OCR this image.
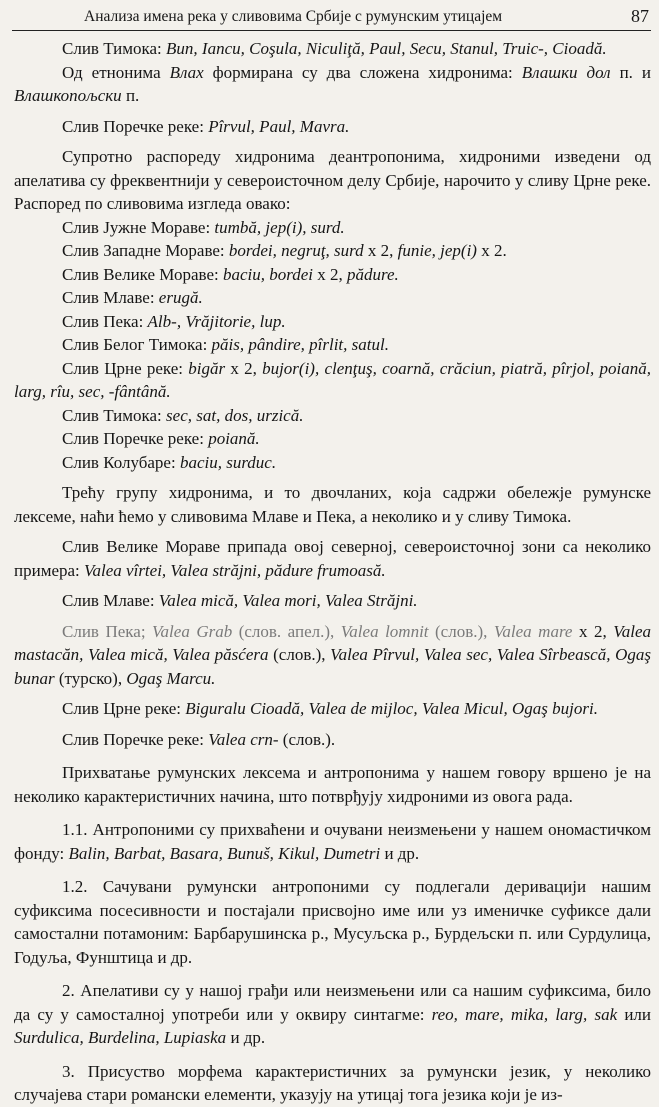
Анализа имена река у сливовима Србије с румунским утицајем	87

Слив Тимока: Bun, Iancu, Coşula, Niculiţă, Paul, Secu, Stanul, Truic-, Cioadă.

Од етнонима Влах формирана су два сложена хидронима: Влашки дол п. и Влашкопољски п.

Слив Поречке реке: Pîrvul, Paul, Mavra.

Супротно распореду хидронима деантропонима, хидроними изведени од апелатива су фреквентнији у североисточном делу Србије, нарочито у сливу Црне реке. Распоред по сливовима изгледа овако:

Слив Јужне Мораве: tumbă, jep(i), surd.

Слив Западне Мораве: bordei, negruţ, surd x 2, funie, jep(i) x 2.

Слив Велике Мораве: baciu, bordei x 2, pădure.

Слив Млаве: erugă.

Слив Пека: Alb-, Vrăjitorie, lup.

Слив Белог Тимока: păis, pândire, pîrlit, satul.

Слив Црне реке: bigăr x 2, bujor(i), clenţuş, coarnă, crăciun, piatră, pîrjol, poiană, larg, rîu, sec, -fântână.

Слив Тимока: sec, sat, dos, urzică.

Слив Поречке реке: poiană.

Слив Колубаре: baciu, surduc.

Трећу групу хидронима, и то двочланих, која садржи обележје румунске лексеме, наћи ћемо у сливовима Млаве и Пека, а неколико и у сливу Тимока.

Слив Велике Мораве припада овој северној, североисточној зони са неколико примера: Valea vîrtei, Valea străjni, pădure frumoasă.

Слив Млаве: Valea mică, Valea mori, Valea Străjni.

Слив Пека; Valea Grab (слов. апел.), Valea lomnit (слов.), Valea mare x 2, Valea mastacăn, Valea mică, Valea păsćera (слов.), Valea Pîrvul, Valea sec, Valea Sîrbească, Ogaş bunar (турско), Ogaş Marcu.

Слив Црне реке: Biguralu Cioadă, Valea de mijloc, Valea Micul, Ogaş bujori.

Слив Поречке реке: Valea crn- (слов.).

Прихватање румунских лексема и антропонима у нашем говору вршено је на неколико карактеристичних начина, што потврђују хидроними из овога рада.

1.1. Антропоними су прихваћени и очувани неизмењени у нашем ономастичком фонду: Balin, Barbat, Basara, Bunuš, Kikul, Dumetri и др.

1.2. Сачувани румунски антропоними су подлегали деривацији нашим суфиксима посесивности и постајали присвојно име или уз именичке суфиксе дали самостални потамоним: Барбарушинска р., Мусуљска р., Бурдељски п. или Сурдулица, Годуља, Фунштица и др.

2. Апелативи су у нашој грађи или неизмењени или са нашим суфиксима, било да су у самосталној употреби или у оквиру синтагме: reo, mare, mika, larg, sak или Surdulica, Burdelina, Lupiaska и др.

3. Присуство морфема карактеристичних за румунски језик, у неколико случајева стари романски елементи, указују на утицај тога језика који је из-
